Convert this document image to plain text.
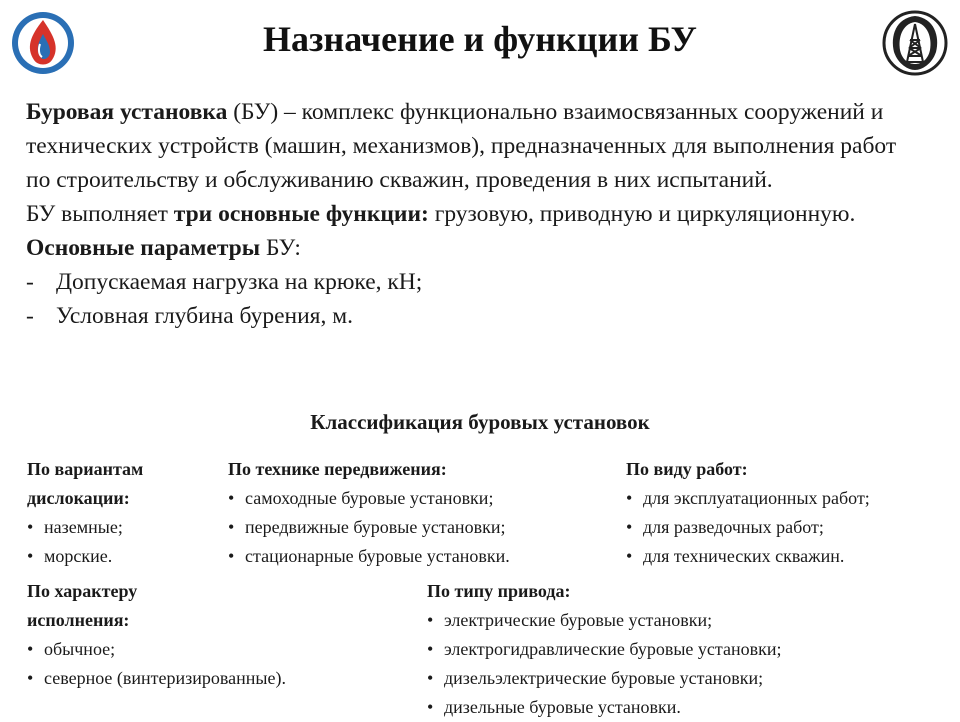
Назначение и функции БУ

Буровая установка (БУ) – комплекс функционально взаимосвязанных сооружений и технических устройств (машин, механизмов), предназначенных для выполнения работ по строительству и обслуживанию скважин, проведения в них испытаний.

БУ выполняет три основные функции: грузовую, приводную и циркуляционную.

Основные параметры БУ:

- Допускаемая нагрузка на крюке, кН;
- Условная глубина бурения, м.
Классификация буровых установок
По вариантам дислокации:
• наземные;
• морские.
По технике передвижения:
• самоходные буровые установки;
• передвижные буровые установки;
• стационарные буровые установки.
По виду работ:
• для эксплуатационных работ;
• для разведочных работ;
• для технических скважин.
По характеру исполнения:
• обычное;
• северное (винтеризированные).
По типу привода:
• электрические буровые установки;
• электрогидравлические буровые установки;
• дизельэлектрические буровые установки;
• дизельные буровые установки.
